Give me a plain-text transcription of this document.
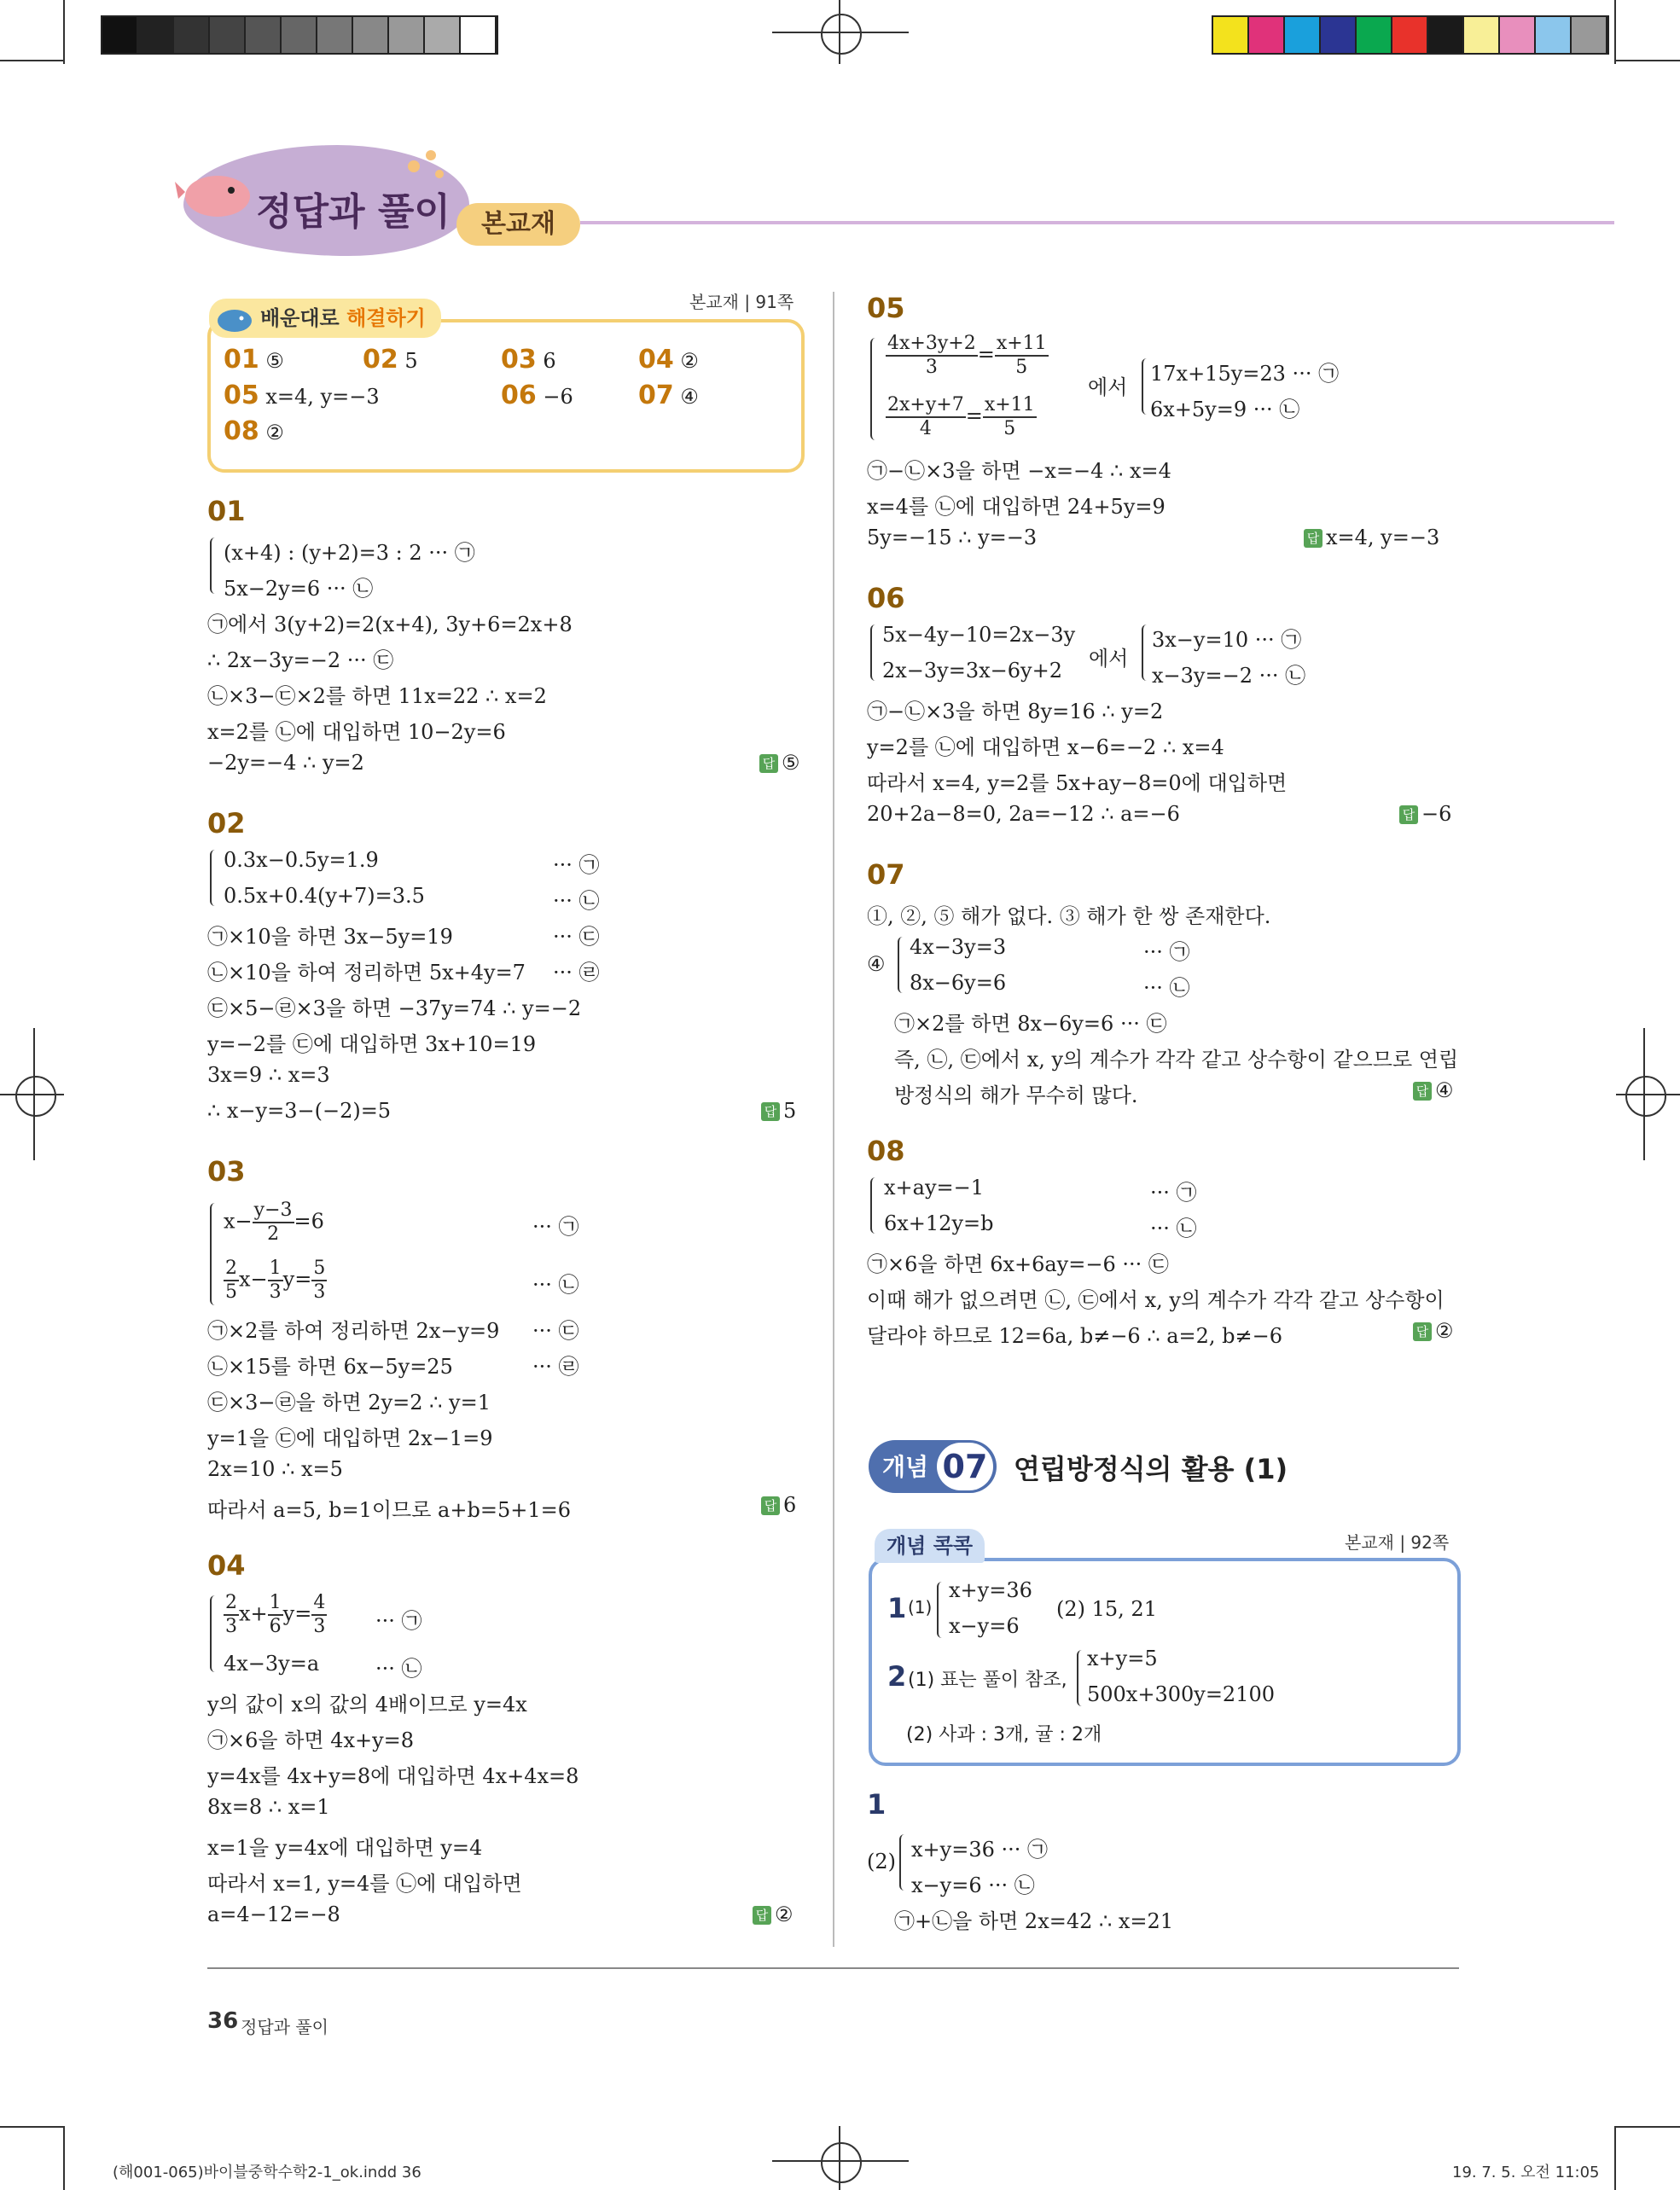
정답과 풀이	본교재
본교재 | 91쪽
배운대로 해결하기
01 ⑤	02 5	03 6	04 ②
05 x=4, y=−3	06 −6	07 ④
08 ②
01
(x+4) : (y+2)=3 : 2 ··· ㉠
5x−2y=6 ··· ㉡
㉠에서 3(y+2)=2(x+4), 3y+6=2x+8
∴ 2x−3y=−2 ··· ㉢
㉡×3−㉢×2를 하면 11x=22 ∴ x=2
x=2를 ㉡에 대입하면 10−2y=6
−2y=−4 ∴ y=2	답 ⑤
02
0.3x−0.5y=1.9	··· ㉠
0.5x+0.4(y+7)=3.5	··· ㉡
㉠×10을 하면 3x−5y=19	··· ㉢
㉡×10을 하여 정리하면 5x+4y=7 ··· ㉣
㉢×5−㉣×3을 하면 −37y=74 ∴ y=−2
y=−2를 ㉢에 대입하면 3x+10=19
3x=9 ∴ x=3
∴ x−y=3−(−2)=5	답 5
03
$x- \frac{y-3}{2} =6$	··· ㉠
$\frac{2}{5} x- \frac{1}{3} y= \frac{5}{3}$	··· ㉡
㉠×2를 하여 정리하면 2x−y=9 ··· ㉢
㉡×15를 하면 6x−5y=25	··· ㉣
㉢×3−㉣을 하면 2y=2 ∴ y=1
y=1을 ㉢에 대입하면 2x−1=9
2x=10 ∴ x=5
따라서 a=5, b=1이므로 a+b=5+1=6	답 6
04
$\frac{2}{3} x+ \frac{1}{6} y= \frac{4}{3}$ ··· ㉠
4x−3y=a	··· ㉡
y의 값이 x의 값의 4배이므로 y=4x
㉠×6을 하면 4x+y=8
y=4x를 4x+y=8에 대입하면 4x+4x=8
8x=8 ∴ x=1
x=1을 y=4x에 대입하면 y=4
따라서 x=1, y=4를 ㉡에 대입하면
a=4−12=−8	답 ②
05
$\frac{4x+3y+2}{3} = \frac{x+11}{5}$
$\frac{2x+y+7}{4} = \frac{x+11}{5}$
에서
17x+15y=23 ··· ㉠
6x+5y=9 ··· ㉡
㉠−㉡×3을 하면 −x=−4 ∴ x=4
x=4를 ㉡에 대입하면 24+5y=9
5y=−15 ∴ y=−3	답 x=4, y=−3
06
5x−4y−10=2x−3y
2x−3y=3x−6y+2 에서
3x−y=10 ··· ㉠
x−3y=−2 ··· ㉡
㉠−㉡×3을 하면 8y=16 ∴ y=2
y=2를 ㉡에 대입하면 x−6=−2 ∴ x=4
따라서 x=4, y=2를 5x+ay−8=0에 대입하면
20+2a−8=0, 2a=−12 ∴ a=−6	답 −6
07
①, ②, ⑤ 해가 없다. ③ 해가 한 쌍 존재한다.
④
4x−3y=3	··· ㉠
8x−6y=6	··· ㉡
㉠×2를 하면 8x−6y=6 ··· ㉢
즉, ㉡, ㉢에서 x, y의 계수가 각각 같고 상수항이 같으므로 연립
방정식의 해가 무수히 많다.	답 ④
08
x+ay=−1	··· ㉠
6x+12y=b	··· ㉡
㉠×6을 하면 6x+6ay=−6 ··· ㉢
이때 해가 없으려면 ㉡, ㉢에서 x, y의 계수가 각각 같고 상수항이
달라야 하므로 12=6a, b≠−6 ∴ a=2, b≠−6	답 ②
개념 07 연립방정식의 활용 (1)
본교재 | 92쪽
개념 콕콕
1 (1)
x+y=36
x−y=6
(2) 15, 21
2 (1) 표는 풀이 참조,
x+y=5
500x+300y=2100
(2) 사과 : 3개, 귤 : 2개
1
(2) x+y=36 ··· ㉠
x−y=6 ··· ㉡
㉠+㉡을 하면 2x=42 ∴ x=21
36 정답과 풀이
(해001-065)바이블중학수학2-1_ok.indd 36	19. 7. 5. 오전 11:05
